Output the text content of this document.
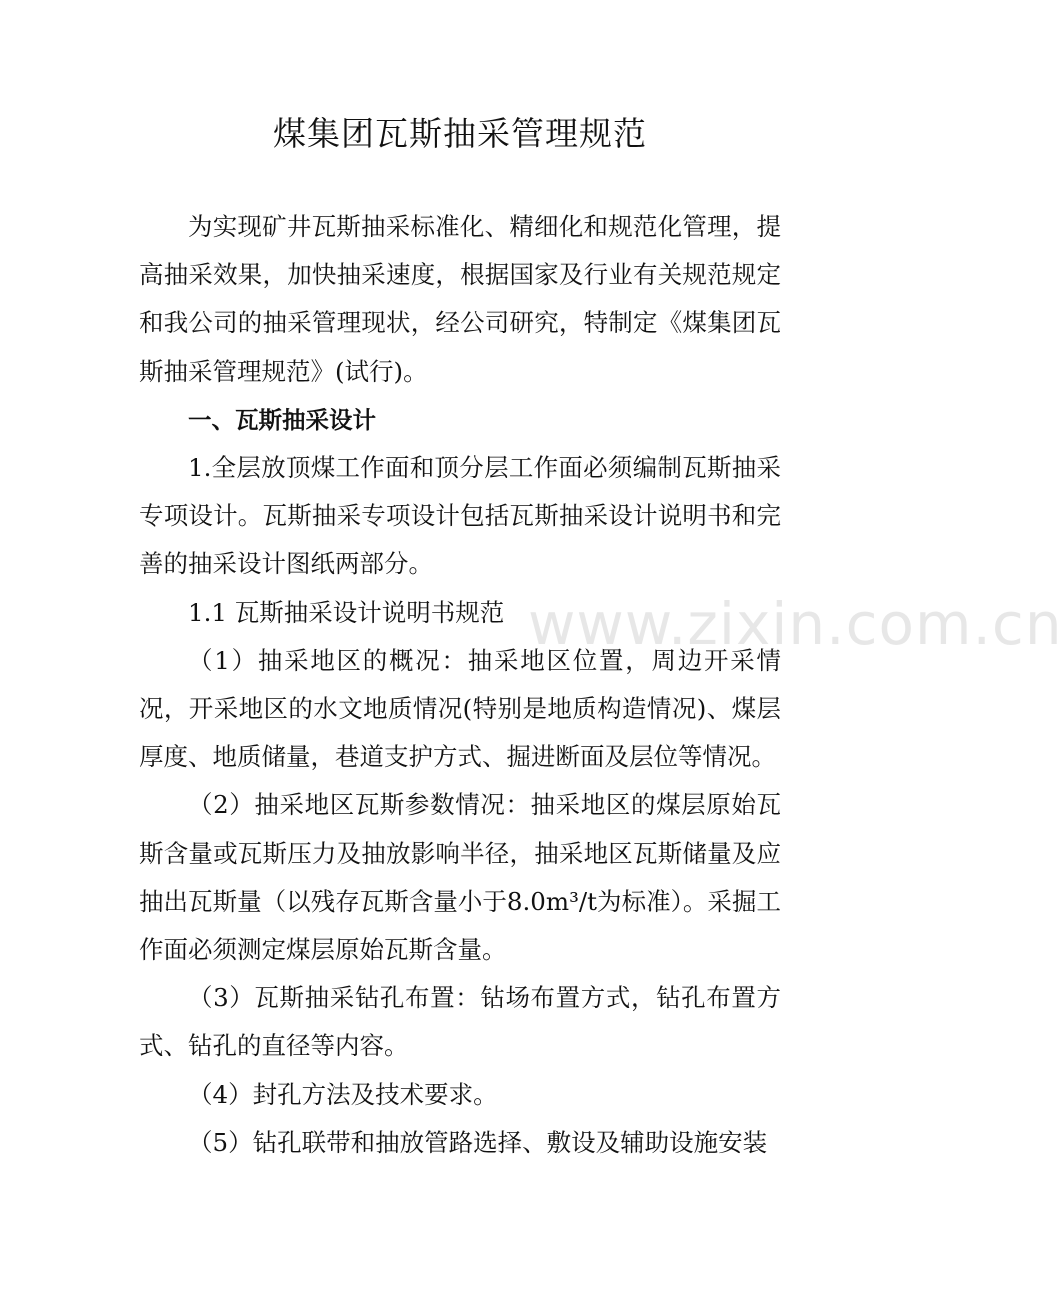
煤集团瓦斯抽采管理规范

为实现矿井瓦斯抽采标准化、精细化和规范化管理，提高抽采效果，加快抽采速度，根据国家及行业有关规范规定和我公司的抽采管理现状，经公司研究，特制定《煤集团瓦斯抽采管理规范》(试行)。

一、瓦斯抽采设计

1.全层放顶煤工作面和顶分层工作面必须编制瓦斯抽采专项设计。瓦斯抽采专项设计包括瓦斯抽采设计说明书和完善的抽采设计图纸两部分。

1.1 瓦斯抽采设计说明书规范

（1）抽采地区的概况：抽采地区位置，周边开采情况，开采地区的水文地质情况(特别是地质构造情况)、煤层厚度、地质储量，巷道支护方式、掘进断面及层位等情况。

（2）抽采地区瓦斯参数情况：抽采地区的煤层原始瓦斯含量或瓦斯压力及抽放影响半径，抽采地区瓦斯储量及应抽出瓦斯量（以残存瓦斯含量小于8.0m³/t为标准）。采掘工作面必须测定煤层原始瓦斯含量。

（3）瓦斯抽采钻孔布置：钻场布置方式，钻孔布置方式、钻孔的直径等内容。

（4）封孔方法及技术要求。

（5）钻孔联带和抽放管路选择、敷设及辅助设施安装

www.zixin.com.cn
